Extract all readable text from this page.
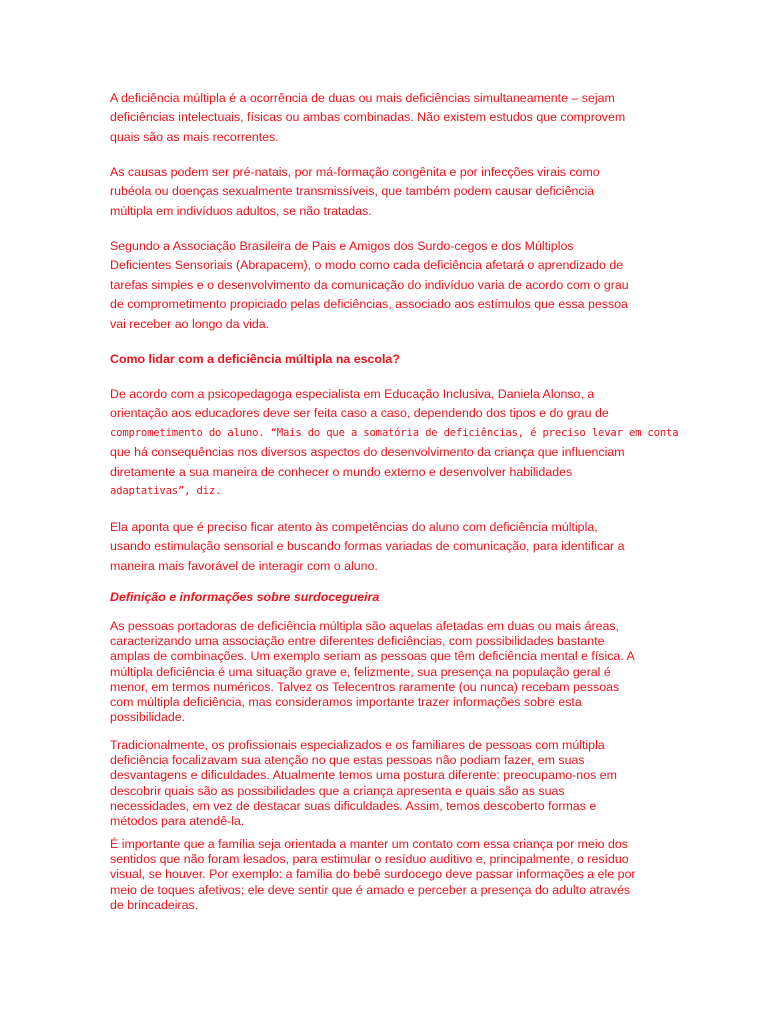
A deficiência múltipla é a ocorrência de duas ou mais deficiências simultaneamente – sejam
deficiências intelectuais, físicas ou ambas combinadas. Não existem estudos que comprovem
quais são as mais recorrentes.

As causas podem ser pré-natais, por má-formação congênita e por infecções virais como
rubéola ou doenças sexualmente transmissíveis, que também podem causar deficiência
múltipla em indivíduos adultos, se não tratadas.

Segundo a Associação Brasileira de Pais e Amigos dos Surdo-cegos e dos Múltiplos
Deficientes Sensoriais (Abrapacem), o modo como cada deficiência afetará o aprendizado de
tarefas simples e o desenvolvimento da comunicação do indivíduo varia de acordo com o grau
de comprometimento propiciado pelas deficiências, associado aos estímulos que essa pessoa
vai receber ao longo da vida.

Como lidar com a deficiência múltipla na escola?

De acordo com a psicopedagoga especialista em Educação Inclusiva, Daniela Alonso, a
orientação aos educadores deve ser feita caso a caso, dependendo dos tipos e do grau de
comprometimento do aluno. “Mais do que a somatória de deficiências, é preciso levar em conta
que há consequências nos diversos aspectos do desenvolvimento da criança que influenciam
diretamente a sua maneira de conhecer o mundo externo e desenvolver habilidades
adaptativas”, diz.

Ela aponta que é preciso ficar atento às competências do aluno com deficiência múltipla,
usando estimulação sensorial e buscando formas variadas de comunicação, para identificar a
maneira mais favorável de interagir com o aluno.

Definição e informações sobre surdocegueira

As pessoas portadoras de deficiência múltipla são aquelas afetadas em duas ou mais áreas,
caracterizando uma associação entre diferentes deficiências, com possibilidades bastante
amplas de combinações. Um exemplo seriam as pessoas que têm deficiência mental e física. A
múltipla deficiência é uma situação grave e, felizmente, sua presença na população geral é
menor, em termos numéricos. Talvez os Telecentros raramente (ou nunca) recebam pessoas
com múltipla deficiência, mas consideramos importante trazer informações sobre esta
possibilidade.

Tradicionalmente, os profissionais especializados e os familiares de pessoas com múltipla
deficiência focalizavam sua atenção no que estas pessoas não podiam fazer, em suas
desvantagens e dificuldades. Atualmente temos uma postura diferente: preocupamo-nos em
descobrir quais são as possibilidades que a criança apresenta e quais são as suas
necessidades, em vez de destacar suas dificuldades. Assim, temos descoberto formas e
métodos para atendê-la.

É importante que a família seja orientada a manter um contato com essa criança por meio dos
sentidos que não foram lesados, para estimular o resíduo auditivo e, principalmente, o resíduo
visual, se houver. Por exemplo: a família do bebê surdocego deve passar informações a ele por
meio de toques afetivos; ele deve sentir que é amado e perceber a presença do adulto através
de brincadeiras.
